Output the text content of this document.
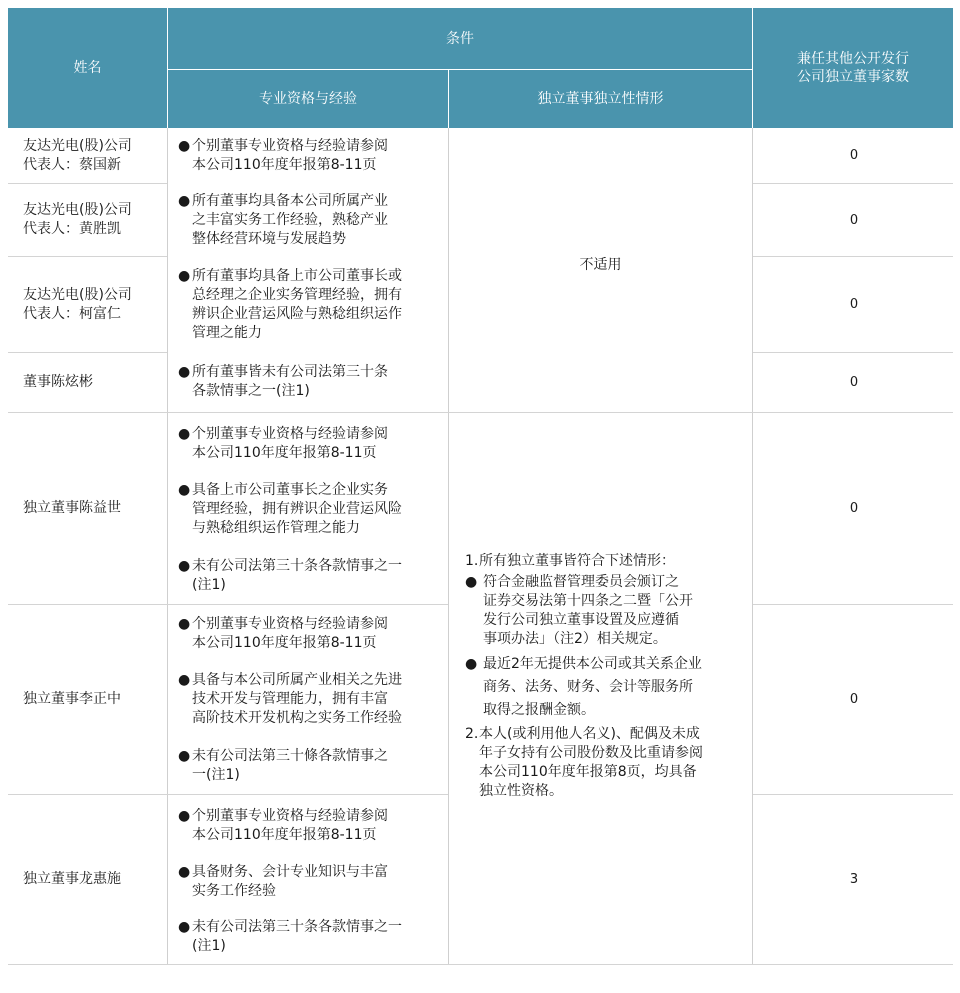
姓名
条件
专业资格与经验	独立董事独立性情形
兼任其他公开发行
公司独立董事家数
友达光电(股)公司
代表人：蔡国新
友达光电(股)公司
代表人：黄胜凯
友达光电(股)公司
代表人：柯富仁
董事陈炫彬
独立董事陈益世
独立董事李正中
独立董事龙惠施
0
0
0
0
0
0
3
不适用
● 个别董事专业资格与经验请参阅
本公司110年度年报第8-11页
● 所有董事均具备本公司所属产业
之丰富实务工作经验，熟稔产业
整体经营环境与发展趋势
● 所有董事均具备上市公司董事长或
总经理之企业实务管理经验，拥有
辨识企业营运风险与熟稔组织运作
管理之能力
● 所有董事皆未有公司法第三十条
各款情事之一(注1)
● 个别董事专业资格与经验请参阅
本公司110年度年报第8-11页
● 具备上市公司董事长之企业实务
管理经验，拥有辨识企业营运风险
与熟稔组织运作管理之能力
● 未有公司法第三十条各款情事之一
(注1)
● 个别董事专业资格与经验请参阅
本公司110年度年报第8-11页
● 具备与本公司所属产业相关之先进
技术开发与管理能力，拥有丰富
高阶技术开发机构之实务工作经验
● 未有公司法第三十條各款情事之
一(注1)
● 个别董事专业资格与经验请参阅
本公司110年度年报第8-11页
● 具备财务、会计专业知识与丰富
实务工作经验
● 未有公司法第三十条各款情事之一
(注1)
1. 所有独立董事皆符合下述情形：
● 符合金融监督管理委员会颁订之
证券交易法第十四条之二暨「公开
发行公司独立董事设置及应遵循
事项办法」（注2）相关规定。
● 最近2年无提供本公司或其关系企业
商务、法务、财务、会计等服务所
取得之报酬金额。
2. 本人(或利用他人名义)、配偶及未成
年子女持有公司股份数及比重请参阅
本公司110年度年报第8页，均具备
独立性资格。
